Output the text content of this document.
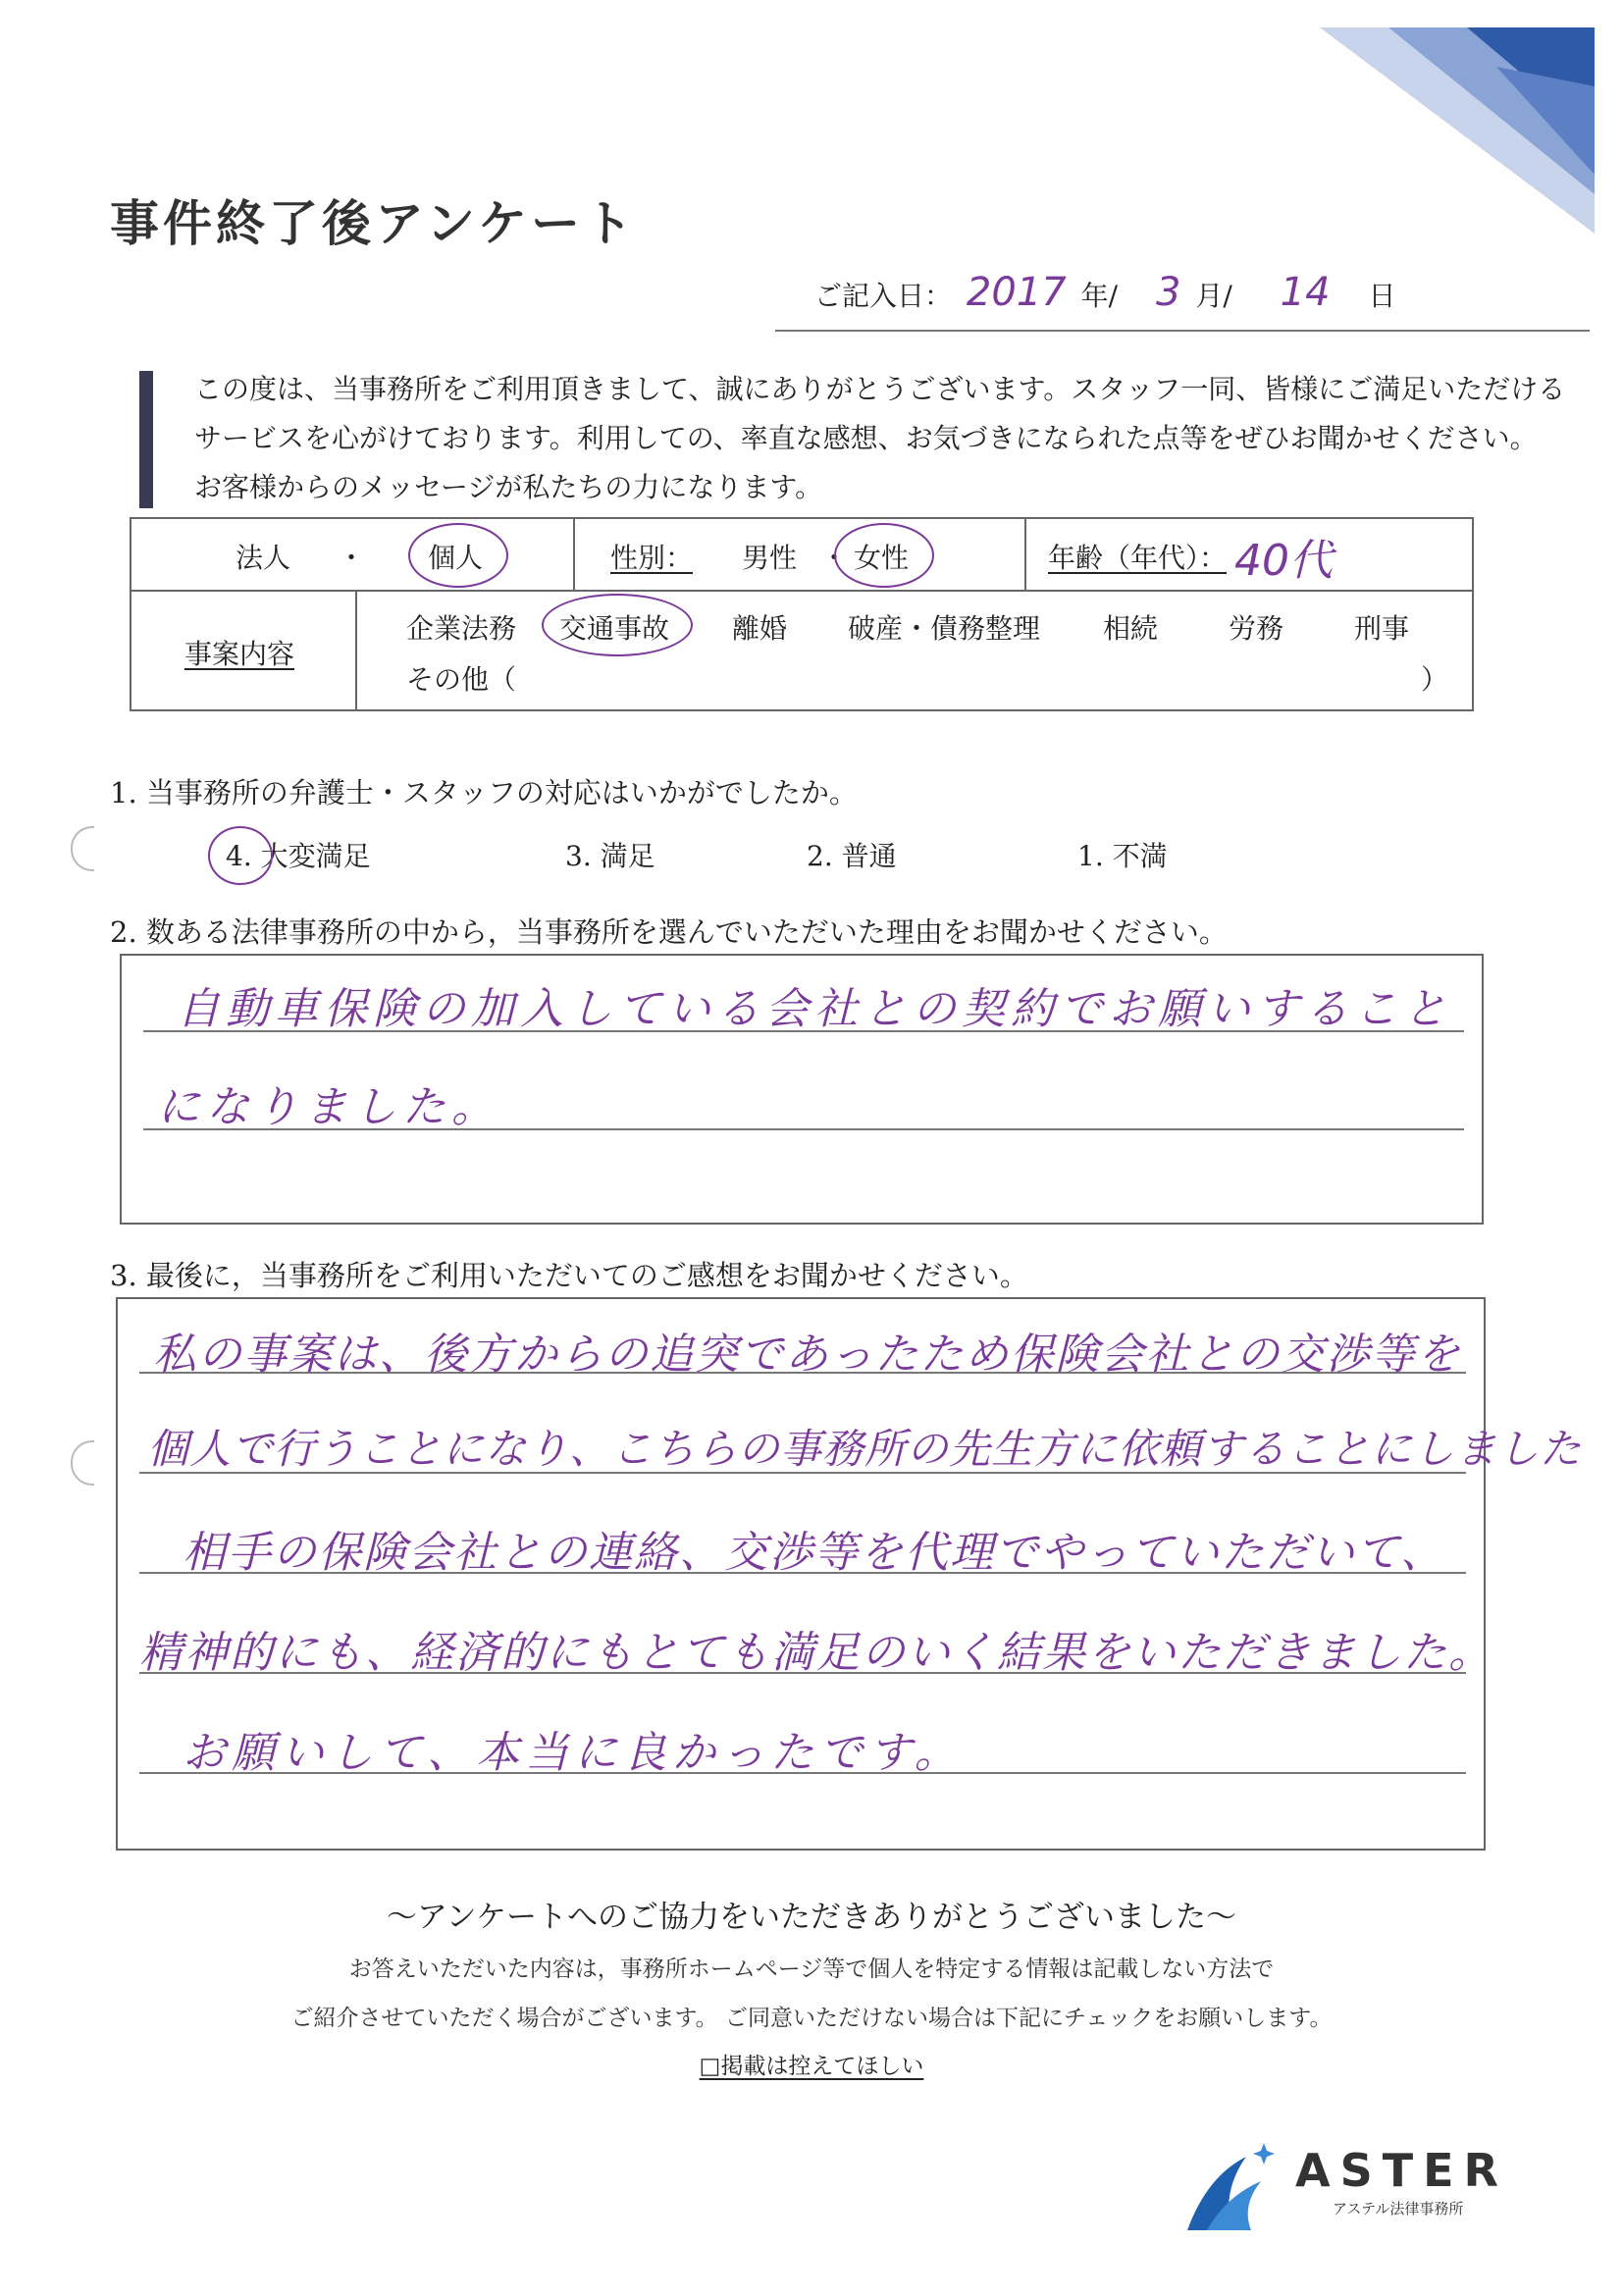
事件終了後アンケート
ご記入日： 2017 年/ 3 月/ 14 日
この度は、当事務所をご利用頂きまして、誠にありがとうございます。スタッフ一同、皆様にご満足いただける
サービスを心がけております。利用しての、率直な感想、お気づきになられた点等をぜひお聞かせください。
お客様からのメッセージが私たちの力になります。
法人 ・ 個人	性別： 男性 ・ 女性	年齢（年代）： 40代
事案内容
企業法務 交通事故 離婚 破産・債務整理 相続	労務	刑事
その他（	）
1. 当事務所の弁護士・スタッフの対応はいかがでしたか。
4. 大変満足	3. 満足	2. 普通	1. 不満
2. 数ある法律事務所の中から，当事務所を選んでいただいた理由をお聞かせください。
自動車保険の加入している会社との契約でお願いすること
になりました。
3. 最後に，当事務所をご利用いただいてのご感想をお聞かせください。
私の事案は、後方からの追突であったため保険会社との交渉等を
個人で行うことになり、こちらの事務所の先生方に依頼することにしました
相手の保険会社との連絡、交渉等を代理でやっていただいて、
精神的にも、経済的にもとても満足のいく結果をいただきました。
お願いして、本当に良かったです。
～アンケートへのご協力をいただきありがとうございました～
お答えいただいた内容は，事務所ホームページ等で個人を特定する情報は記載しない方法で
ご紹介させていただく場合がございます。 ご同意いただけない場合は下記にチェックをお願いします。
□掲載は控えてほしい
ASTER
アステル法律事務所
